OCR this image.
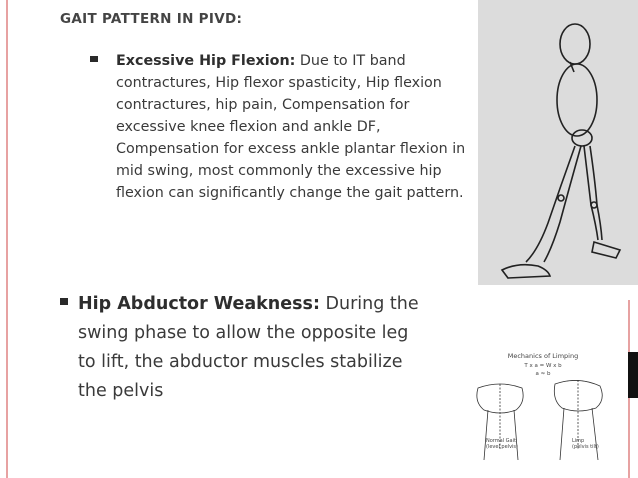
GAIT PATTERN IN PIVD:
Excessive Hip Flexion: Due to IT band contractures, Hip flexor spasticity, Hip flexion contractures, hip pain, Compensation for excessive knee flexion and ankle DF, Compensation for excess ankle plantar flexion in mid swing, most commonly the excessive hip flexion can significantly change the gait pattern.
Hip Abductor Weakness: During the swing phase to allow the opposite leg to lift, the abductor muscles stabilize the pelvis
Mechanics of Limping
T x a = W x b
a ≈ b
Normal Gait
(level pelvis)
Limp
(pelvis tilt)
